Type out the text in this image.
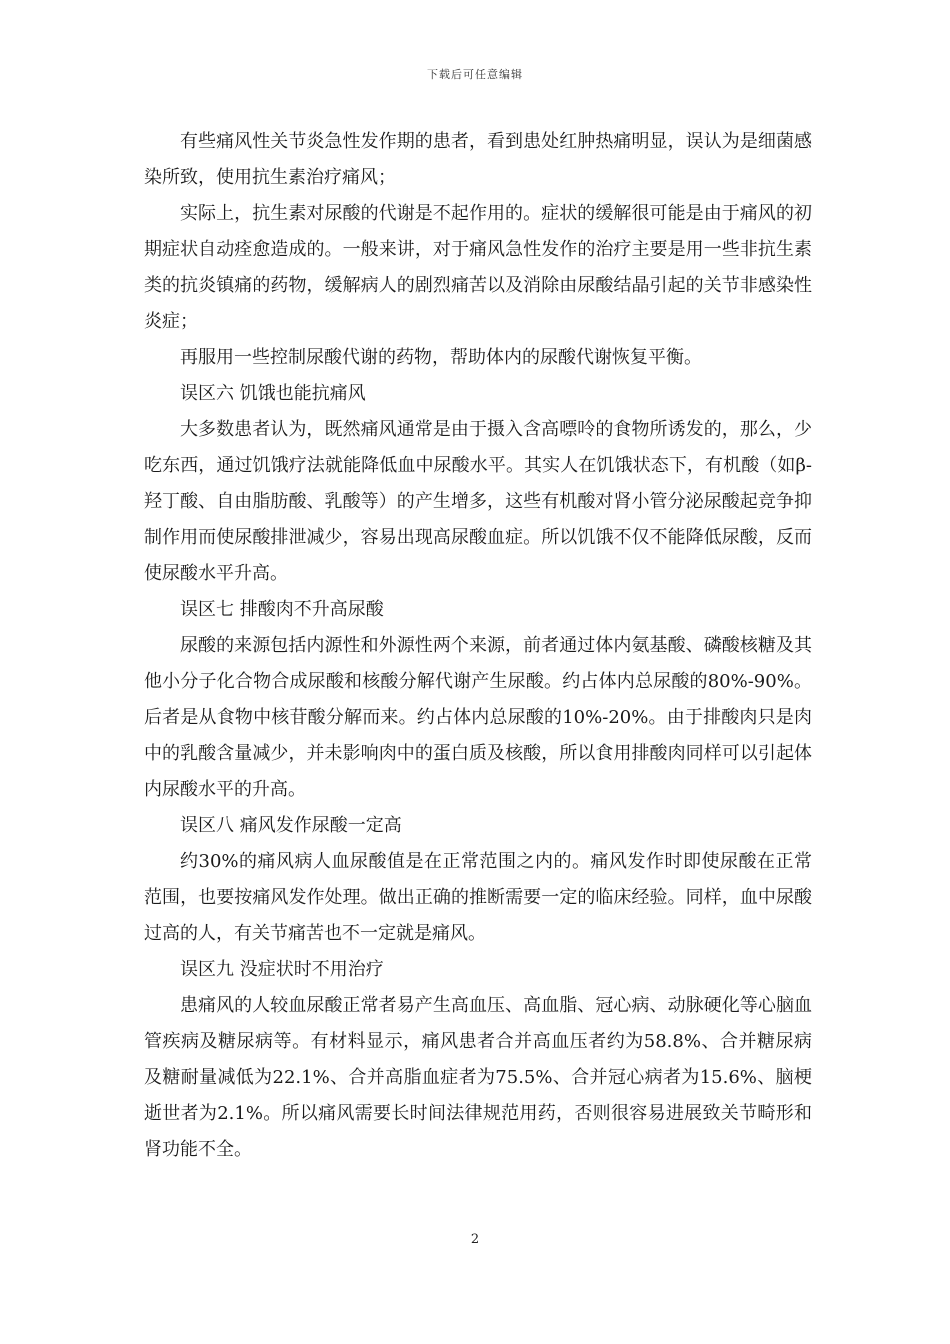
下载后可任意编辑

有些痛风性关节炎急性发作期的患者，看到患处红肿热痛明显，误认为是细菌感染所致，使用抗生素治疗痛风；

实际上，抗生素对尿酸的代谢是不起作用的。症状的缓解很可能是由于痛风的初期症状自动痊愈造成的。一般来讲，对于痛风急性发作的治疗主要是用一些非抗生素类的抗炎镇痛的药物，缓解病人的剧烈痛苦以及消除由尿酸结晶引起的关节非感染性炎症；

再服用一些控制尿酸代谢的药物，帮助体内的尿酸代谢恢复平衡。

误区六 饥饿也能抗痛风

大多数患者认为，既然痛风通常是由于摄入含高嘌呤的食物所诱发的，那么，少吃东西，通过饥饿疗法就能降低血中尿酸水平。其实人在饥饿状态下，有机酸（如β-羟丁酸、自由脂肪酸、乳酸等）的产生增多，这些有机酸对肾小管分泌尿酸起竞争抑制作用而使尿酸排泄减少，容易出现高尿酸血症。所以饥饿不仅不能降低尿酸，反而使尿酸水平升高。

误区七 排酸肉不升高尿酸

尿酸的来源包括内源性和外源性两个来源，前者通过体内氨基酸、磷酸核糖及其他小分子化合物合成尿酸和核酸分解代谢产生尿酸。约占体内总尿酸的80%-90%。后者是从食物中核苷酸分解而来。约占体内总尿酸的10%-20%。由于排酸肉只是肉中的乳酸含量减少，并未影响肉中的蛋白质及核酸，所以食用排酸肉同样可以引起体内尿酸水平的升高。

误区八 痛风发作尿酸一定高

约30%的痛风病人血尿酸值是在正常范围之内的。痛风发作时即使尿酸在正常范围，也要按痛风发作处理。做出正确的推断需要一定的临床经验。同样，血中尿酸过高的人，有关节痛苦也不一定就是痛风。

误区九 没症状时不用治疗

患痛风的人较血尿酸正常者易产生高血压、高血脂、冠心病、动脉硬化等心脑血管疾病及糖尿病等。有材料显示，痛风患者合并高血压者约为58.8%、合并糖尿病及糖耐量减低为22.1%、合并高脂血症者为75.5%、合并冠心病者为15.6%、脑梗逝世者为2.1%。所以痛风需要长时间法律规范用药，否则很容易进展致关节畸形和肾功能不全。

2
